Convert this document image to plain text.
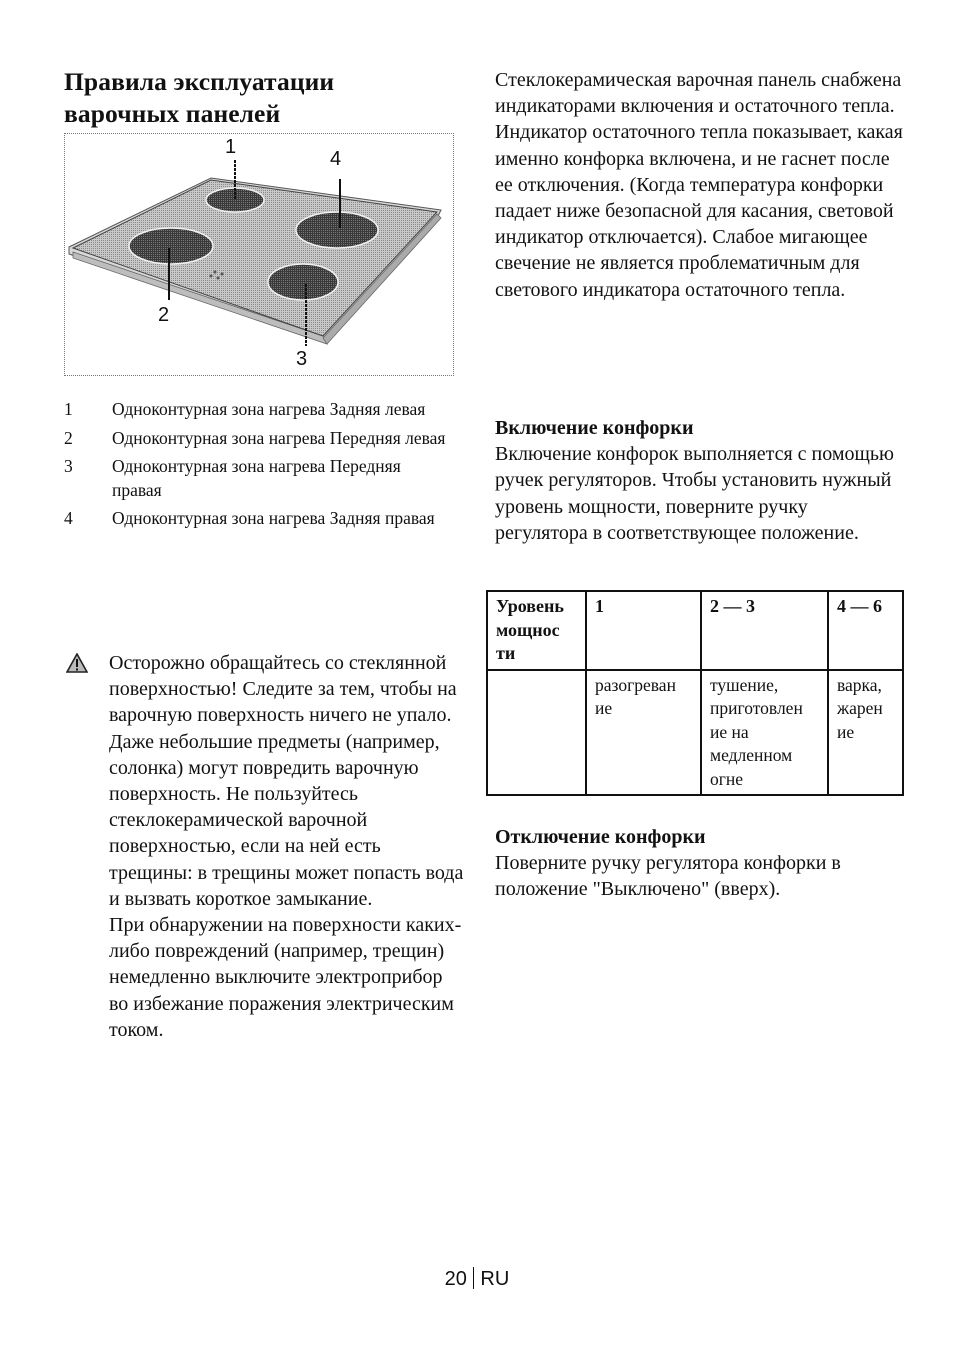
Правила эксплуатации
варочных панелей
1
4
2
3
1	Одноконтурная зона нагрева Задняя левая
2	Одноконтурная зона нагрева Передняя левая
3	Одноконтурная зона нагрева Передняя правая
4	Одноконтурная зона нагрева Задняя правая

Осторожно обращайтесь со стеклянной поверхностью! Следите за тем, чтобы на варочную поверхность ничего не упало. Даже небольшие предметы (например, солонка) могут повредить варочную поверхность. Не пользуйтесь стеклокерамической варочной поверхностью, если на ней есть трещины: в трещины может попасть вода и вызвать короткое замыкание.

При обнаружении на поверхности каких-либо повреждений (например, трещин) немедленно выключите электроприбор во избежание поражения электрическим током.

Стеклокерамическая варочная панель снабжена индикаторами включения и остаточного тепла.

Индикатор остаточного тепла показывает, какая именно конфорка включена, и не гаснет после ее отключения. (Когда температура конфорки падает ниже безопасной для касания, световой индикатор отключается). Слабое мигающее свечение не является проблематичным для светового индикатора остаточного тепла.

Включение конфорки

Включение конфорок выполняется с помощью ручек регуляторов. Чтобы установить нужный уровень мощности, поверните ручку регулятора в соответствующее положение.

Уровень мощнос ти	1	2 — 3	4 — 6
	разогреван ие	тушение, приготовлен ие на медленном огне	варка, жарен ие

Отключение конфорки

Поверните ручку регулятора конфорки в положение "Выключено" (вверх).

20 RU
